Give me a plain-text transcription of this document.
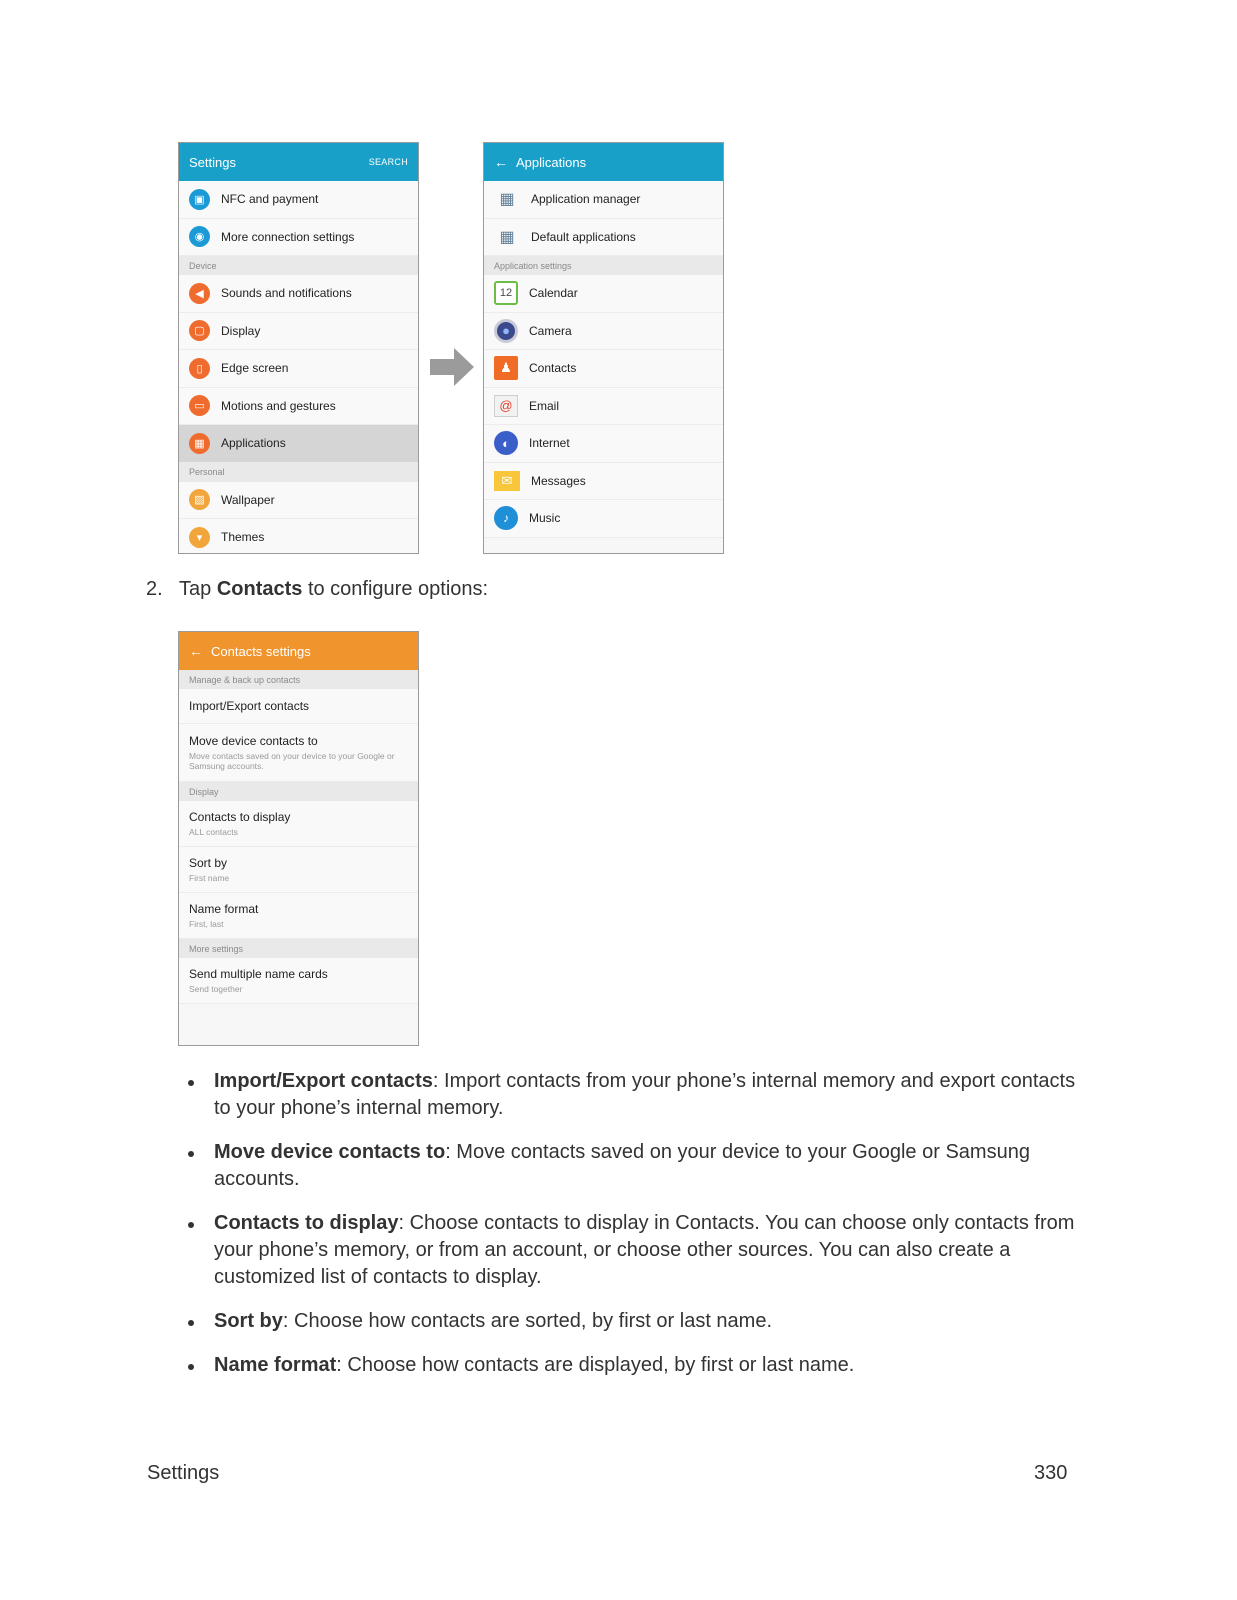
Settings	SEARCH
▣	NFC and payment
◉	More connection settings
Device
◀	Sounds and notifications
▢	Display
▯	Edge screen
▭	Motions and gestures
▦	Applications
Personal
▨	Wallpaper
▾	Themes
← Applications
▦	Application manager
▦	Default applications
Application settings
12	Calendar
●	Camera
♟	Contacts
@	Email
◐	Internet
✉	Messages
♪	Music
2. Tap Contacts to configure options:
← Contacts settings
Manage & back up contacts
Import/Export contacts
Move device contacts to
Move contacts saved on your device to your Google or Samsung accounts.
Display
Contacts to display
ALL contacts
Sort by
First name
Name format
First, last
More settings
Send multiple name cards
Send together
Import/Export contacts: Import contacts from your phone’s internal memory and export contacts to your phone’s internal memory.
Move device contacts to: Move contacts saved on your device to your Google or Samsung accounts.
Contacts to display: Choose contacts to display in Contacts. You can choose only contacts from your phone’s memory, or from an account, or choose other sources. You can also create a customized list of contacts to display.
Sort by: Choose how contacts are sorted, by first or last name.
Name format: Choose how contacts are displayed, by first or last name.
Settings	330
